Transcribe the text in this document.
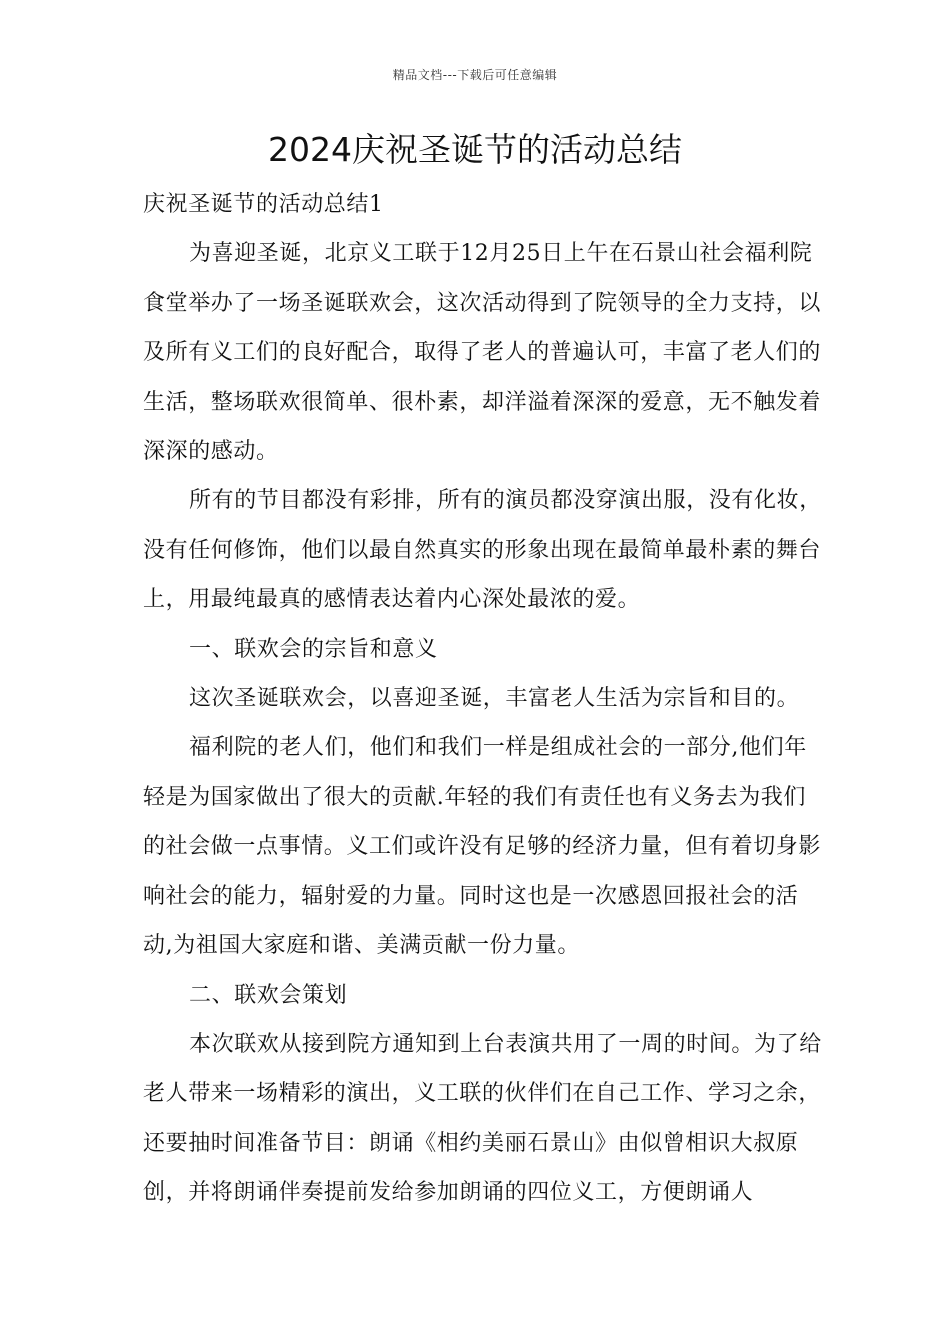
精品文档---下载后可任意编辑
2024庆祝圣诞节的活动总结

庆祝圣诞节的活动总结1

为喜迎圣诞，北京义工联于12月25日上午在石景山社会福利院食堂举办了一场圣诞联欢会，这次活动得到了院领导的全力支持，以及所有义工们的良好配合，取得了老人的普遍认可，丰富了老人们的生活，整场联欢很简单、很朴素，却洋溢着深深的爱意，无不触发着深深的感动。

所有的节目都没有彩排，所有的演员都没穿演出服，没有化妆，没有任何修饰，他们以最自然真实的形象出现在最简单最朴素的舞台上，用最纯最真的感情表达着内心深处最浓的爱。

一、联欢会的宗旨和意义

这次圣诞联欢会，以喜迎圣诞，丰富老人生活为宗旨和目的。

福利院的老人们，他们和我们一样是组成社会的一部分,他们年轻是为国家做出了很大的贡献.年轻的我们有责任也有义务去为我们的社会做一点事情。义工们或许没有足够的经济力量，但有着切身影响社会的能力，辐射爱的力量。同时这也是一次感恩回报社会的活动,为祖国大家庭和谐、美满贡献一份力量。

二、联欢会策划

本次联欢从接到院方通知到上台表演共用了一周的时间。为了给老人带来一场精彩的演出，义工联的伙伴们在自己工作、学习之余，还要抽时间准备节目：朗诵《相约美丽石景山》由似曾相识大叔原创，并将朗诵伴奏提前发给参加朗诵的四位义工，方便朗诵人
